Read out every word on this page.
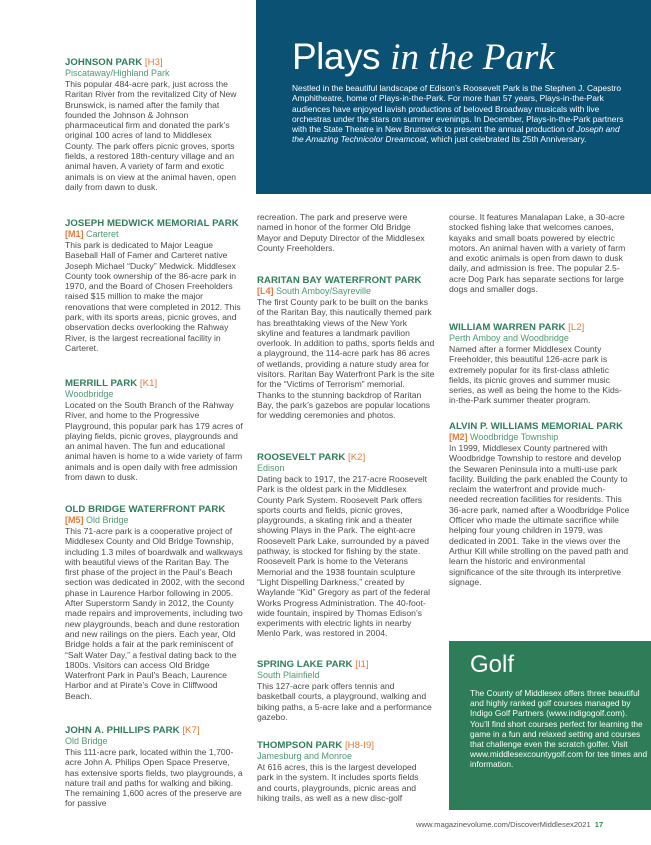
Plays in the Park
Nestled in the beautiful landscape of Edison’s Roosevelt Park is the Stephen J. Capestro Amphitheatre, home of Plays-in-the-Park. For more than 57 years, Plays-in-the-Park audiences have enjoyed lavish productions of beloved Broadway musicals with live orchestras under the stars on summer evenings. In December, Plays-in-the-Park partners with the State Theatre in New Brunswick to present the annual production of Joseph and the Amazing Technicolor Dreamcoat, which just celebrated its 25th Anniversary.
JOHNSON PARK [H3]
Piscataway/Highland Park
This popular 484-acre park, just across the Raritan River from the revitalized City of New Brunswick, is named after the family that founded the Johnson & Johnson pharmaceutical firm and donated the park’s original 100 acres of land to Middlesex County. The park offers picnic groves, sports fields, a restored 18th-century village and an animal haven. A variety of farm and exotic animals is on view at the animal haven, open daily from dawn to dusk.
JOSEPH MEDWICK MEMORIAL PARK
[M1] Carteret
This park is dedicated to Major League Baseball Hall of Famer and Carteret native Joseph Michael “Ducky” Medwick. Middlesex County took ownership of the 86-acre park in 1970, and the Board of Chosen Freeholders raised $15 million to make the major renovations that were completed in 2012. This park, with its sports areas, picnic groves, and observation decks overlooking the Rahway River, is the largest recreational facility in Carteret.
MERRILL PARK [K1]
Woodbridge
Located on the South Branch of the Rahway River, and home to the Progressive Playground, this popular park has 179 acres of playing fields, picnic groves, playgrounds and an animal haven. The fun and educational animal haven is home to a wide variety of farm animals and is open daily with free admission from dawn to dusk.
OLD BRIDGE WATERFRONT PARK
[M5] Old Bridge
This 71-acre park is a cooperative project of Middlesex County and Old Bridge Township, including 1.3 miles of boardwalk and walkways with beautiful views of the Raritan Bay. The first phase of the project in the Paul’s Beach section was dedicated in 2002, with the second phase in Laurence Harbor following in 2005. After Superstorm Sandy in 2012, the County made repairs and improvements, including two new playgrounds, beach and dune restoration and new railings on the piers. Each year, Old Bridge holds a fair at the park reminiscent of “Salt Water Day,” a festival dating back to the 1800s. Visitors can access Old Bridge Waterfront Park in Paul’s Beach, Laurence Harbor and at Pirate’s Cove in Cliffwood Beach.
JOHN A. PHILLIPS PARK [K7]
Old Bridge
This 111-acre park, located within the 1,700-acre John A. Philips Open Space Preserve, has extensive sports fields, two playgrounds, a nature trail and paths for walking and biking. The remaining 1,600 acres of the preserve are for passive
recreation. The park and preserve were named in honor of the former Old Bridge Mayor and Deputy Director of the Middlesex County Freeholders.
RARITAN BAY WATERFRONT PARK
[L4] South Amboy/Sayreville
The first County park to be built on the banks of the Raritan Bay, this nautically themed park has breathtaking views of the New York skyline and features a landmark pavilion overlook. In addition to paths, sports fields and a playground, the 114-acre park has 86 acres of wetlands, providing a nature study area for visitors. Raritan Bay Waterfront Park is the site for the “Victims of Terrorism” memorial. Thanks to the stunning backdrop of Raritan Bay, the park’s gazebos are popular locations for wedding ceremonies and photos.
ROOSEVELT PARK [K2]
Edison
Dating back to 1917, the 217-acre Roosevelt Park is the oldest park in the Middlesex County Park System. Roosevelt Park offers sports courts and fields, picnic groves, playgrounds, a skating rink and a theater showing Plays in the Park. The eight-acre Roosevelt Park Lake, surrounded by a paved pathway, is stocked for fishing by the state. Roosevelt Park is home to the Veterans Memorial and the 1938 fountain sculpture “Light Dispelling Darkness,” created by Waylande “Kid” Gregory as part of the federal Works Progress Administration. The 40-foot-wide fountain, inspired by Thomas Edison’s experiments with electric lights in nearby Menlo Park, was restored in 2004.
SPRING LAKE PARK [I1]
South Plainfield
This 127-acre park offers tennis and basketball courts, a playground, walking and biking paths, a 5-acre lake and a performance gazebo.
THOMPSON PARK [H8-I9]
Jamesburg and Monroe
At 616 acres, this is the largest developed park in the system. It includes sports fields and courts, playgrounds, picnic areas and hiking trails, as well as a new disc-golf
course. It features Manalapan Lake, a 30-acre stocked fishing lake that welcomes canoes, kayaks and small boats powered by electric motors. An animal haven with a variety of farm and exotic animals is open from dawn to dusk daily, and admission is free. The popular 2.5-acre Dog Park has separate sections for large dogs and smaller dogs.
WILLIAM WARREN PARK [L2]
Perth Amboy and Woodbridge
Named after a former Middlesex County Freeholder, this beautiful 126-acre park is extremely popular for its first-class athletic fields, its picnic groves and summer music series, as well as being the home to the Kids-in-the-Park summer theater program.
ALVIN P. WILLIAMS MEMORIAL PARK
[M2] Woodbridge Township
In 1999, Middlesex County partnered with Woodbridge Township to restore and develop the Sewaren Peninsula into a multi-use park facility. Building the park enabled the County to reclaim the waterfront and provide much-needed recreation facilities for residents. This 36-acre park, named after a Woodbridge Police Officer who made the ultimate sacrifice while helping four young children in 1979, was dedicated in 2001. Take in the views over the Arthur Kill while strolling on the paved path and learn the historic and environmental significance of the site through its interpretive signage.
Golf
The County of Middlesex offers three beautiful and highly ranked golf courses managed by Indigo Golf Partners (www.indigogolf.com). You’ll find short courses perfect for learning the game in a fun and relaxed setting and courses that challenge even the scratch golfer. Visit www.middlesexcountygolf.com for tee times and information.
www.magazinevolume.com/DiscoverMiddlesex2021 17
